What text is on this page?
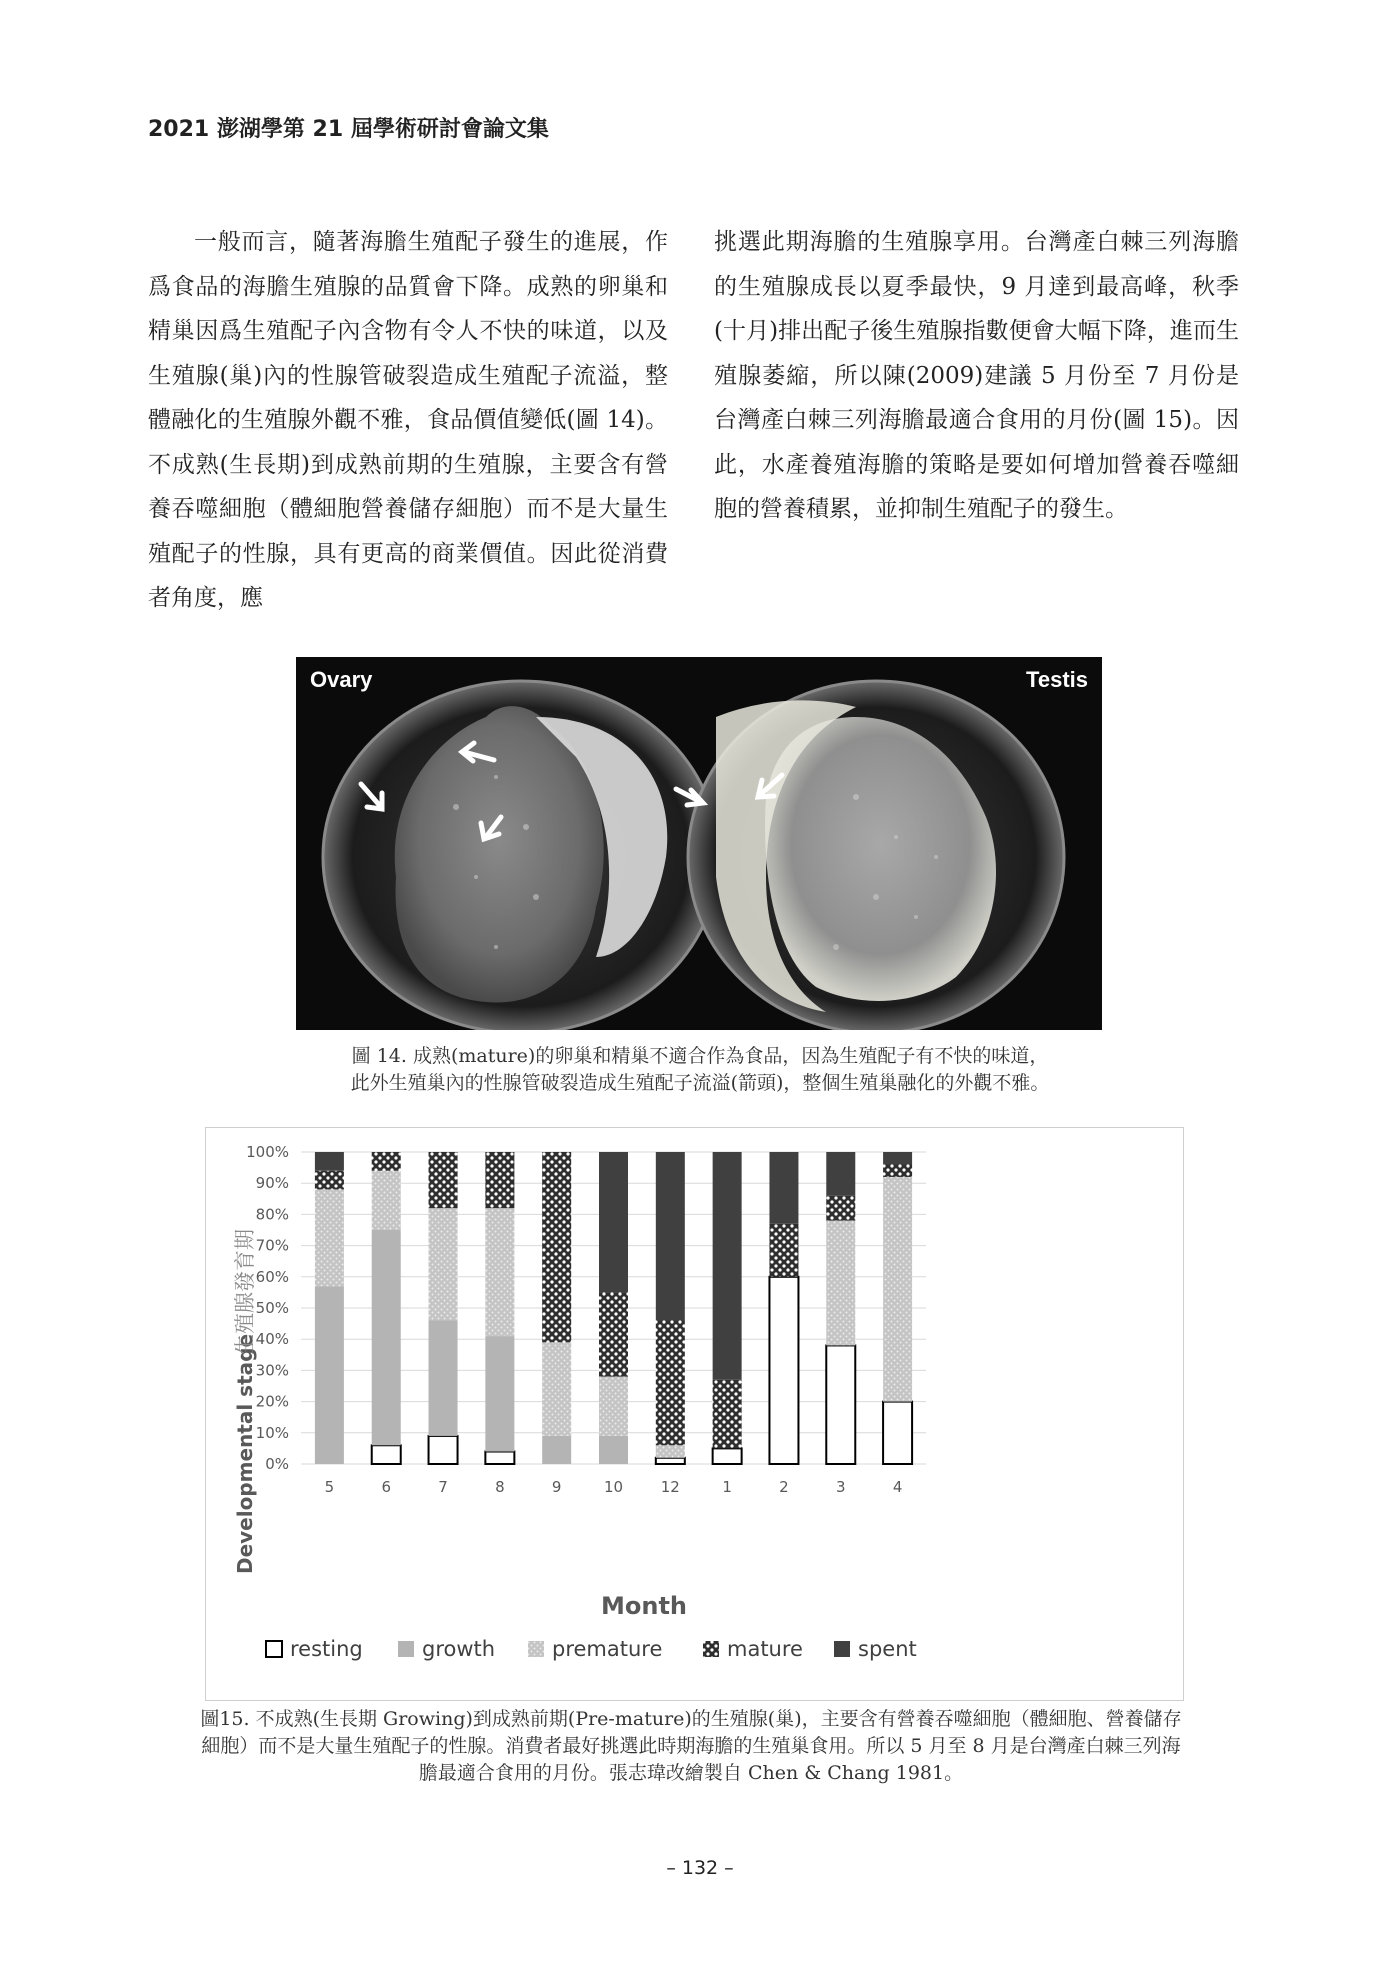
2021 澎湖學第 21 屆學術研討會論文集

一般而言，隨著海膽生殖配子發生的進展，作爲食品的海膽生殖腺的品質會下降。成熟的卵巢和精巢因爲生殖配子內含物有令人不快的味道，以及生殖腺(巢)內的性腺管破裂造成生殖配子流溢，整體融化的生殖腺外觀不雅，食品價值變低(圖 14)。不成熟(生長期)到成熟前期的生殖腺，主要含有營養吞噬細胞（體細胞營養儲存細胞）而不是大量生殖配子的性腺，具有更高的商業價值。因此從消費者角度，應

挑選此期海膽的生殖腺享用。台灣產白棘三列海膽的生殖腺成長以夏季最快，9 月達到最高峰，秋季(十月)排出配子後生殖腺指數便會大幅下降，進而生殖腺萎縮，所以陳(2009)建議 5 月份至 7 月份是台灣產白棘三列海膽最適合食用的月份(圖 15)。因此，水產養殖海膽的策略是要如何增加營養吞噬細胞的營養積累，並抑制生殖配子的發生。

Ovary	Testis

圖 14. 成熟(mature)的卵巢和精巢不適合作為食品，因為生殖配子有不快的味道，

此外生殖巢內的性腺管破裂造成生殖配子流溢(箭頭)，整個生殖巢融化的外觀不雅。

0%
10%
20%
30%
40%
50%
60%
70%
80%
90%
100%
5	6	7	8	9	10	12	1	2	3	4
Month
Developmental stage
生殖腺發育期
resting	growth	premature	mature	spent

圖15. 不成熟(生長期 Growing)到成熟前期(Pre-mature)的生殖腺(巢)，主要含有營養吞噬細胞（體細胞、營養儲存

細胞）而不是大量生殖配子的性腺。消費者最好挑選此時期海膽的生殖巢食用。所以 5 月至 8 月是台灣產白棘三列海

膽最適合食用的月份。張志瑋改繪製自 Chen & Chang 1981。

– 132 –
